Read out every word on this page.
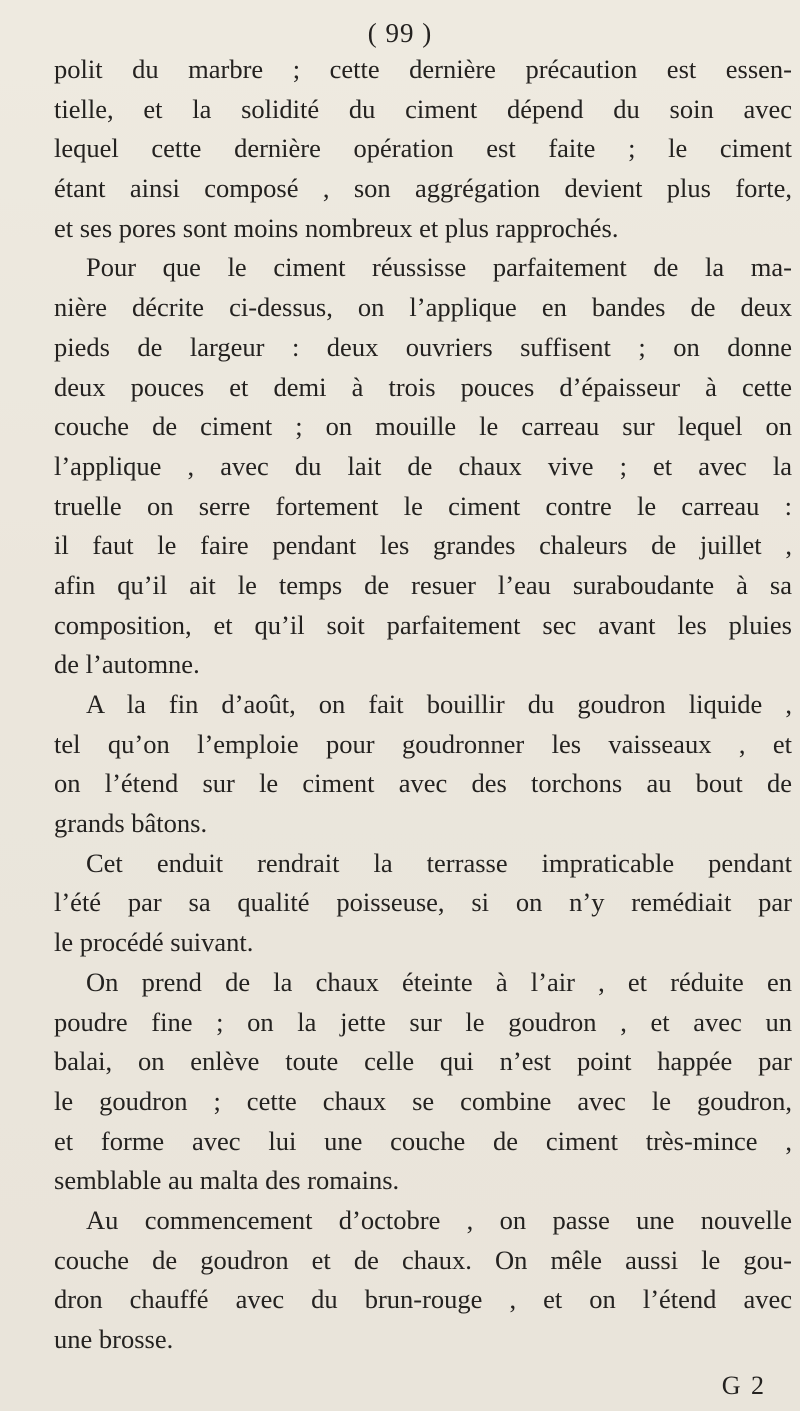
( 99 )
polit du marbre ; cette dernière précaution est essen-
tielle, et la solidité du ciment dépend du soin avec
lequel cette dernière opération est faite ; le ciment
étant ainsi composé , son aggrégation devient plus forte,
et ses pores sont moins nombreux et plus rapprochés.
Pour que le ciment réussisse parfaitement de la ma-
nière décrite ci-dessus, on l’applique en bandes de deux
pieds de largeur : deux ouvriers suffisent ; on donne
deux pouces et demi à trois pouces d’épaisseur à cette
couche de ciment ; on mouille le carreau sur lequel on
l’applique , avec du lait de chaux vive ; et avec la
truelle on serre fortement le ciment contre le carreau :
il faut le faire pendant les grandes chaleurs de juillet ,
afin qu’il ait le temps de resuer l’eau suraboudante à sa
composition, et qu’il soit parfaitement sec avant les pluies
de l’automne.
A la fin d’août, on fait bouillir du goudron liquide ,
tel qu’on l’emploie pour goudronner les vaisseaux , et
on l’étend sur le ciment avec des torchons au bout de
grands bâtons.
Cet enduit rendrait la terrasse impraticable pendant
l’été par sa qualité poisseuse, si on n’y remédiait par
le procédé suivant.
On prend de la chaux éteinte à l’air , et réduite en
poudre fine ; on la jette sur le goudron , et avec un
balai, on enlève toute celle qui n’est point happée par
le goudron ; cette chaux se combine avec le goudron,
et forme avec lui une couche de ciment très-mince ,
semblable au malta des romains.
Au commencement d’octobre , on passe une nouvelle
couche de goudron et de chaux. On mêle aussi le gou-
dron chauffé avec du brun-rouge , et on l’étend avec
une brosse.
G 2
